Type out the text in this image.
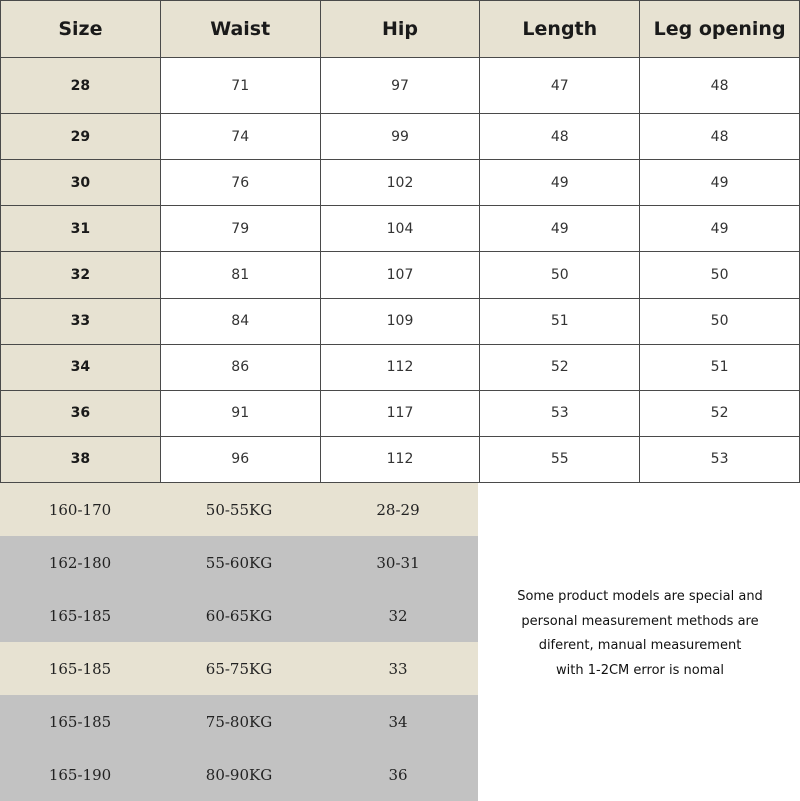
Size	Waist	Hip	Length	Leg opening
28	71	97	47	48
29	74	99	48	48
30	76	102	49	49
31	79	104	49	49
32	81	107	50	50
33	84	109	51	50
34	86	112	52	51
36	91	117	53	52
38	96	112	55	53
160-170	50-55KG	28-29
162-180	55-60KG	30-31
165-185	60-65KG	32
165-185	65-75KG	33
165-185	75-80KG	34
165-190	80-90KG	36
Some product models are special and
personal measurement methods are
diferent, manual measurement
with 1-2CM error is nomal
